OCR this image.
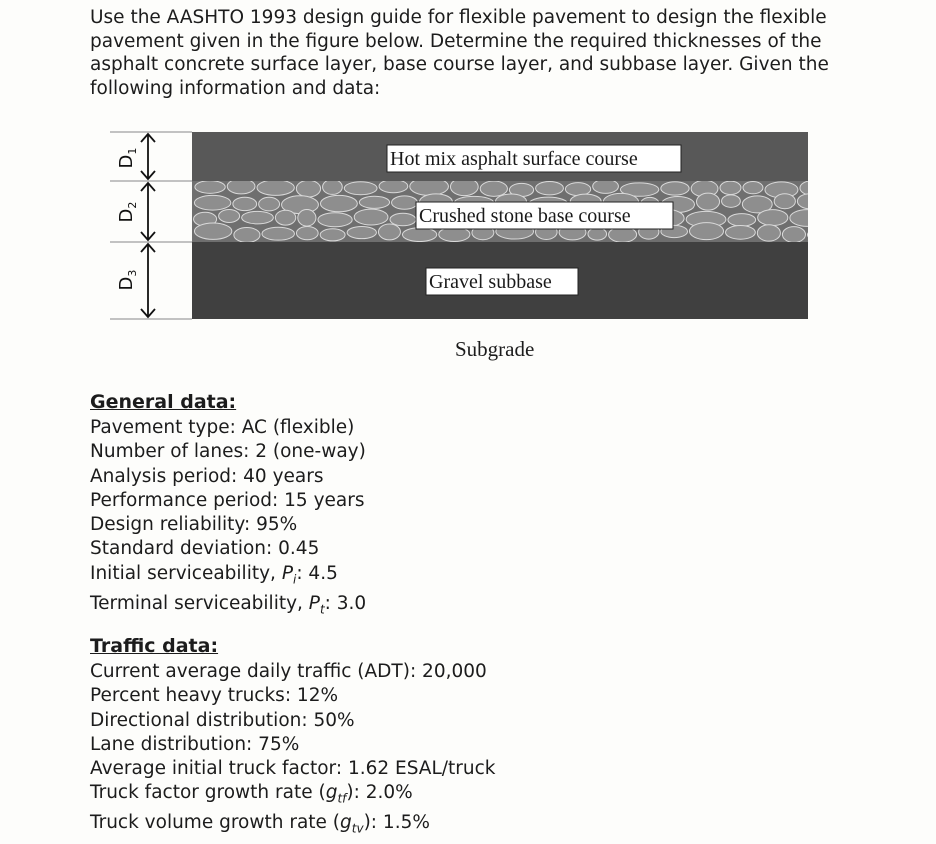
Use the AASHTO 1993 design guide for flexible pavement to design the flexible pavement given in the figure below. Determine the required thicknesses of the asphalt concrete surface layer, base course layer, and subbase layer. Given the following information and data:

Hot mix asphalt surface course
Crushed stone base course
Gravel subbase
$D_1$
$D_2$
$D_3$
Subgrade
General data:
Pavement type: AC (flexible)
Number of lanes: 2 (one-way)
Analysis period: 40 years
Performance period: 15 years
Design reliability: 95%
Standard deviation: 0.45
Initial serviceability, $P_i$: 4.5
Terminal serviceability, $P_t$: 3.0
Traffic data:
Current average daily traffic (ADT): 20,000
Percent heavy trucks: 12%
Directional distribution: 50%
Lane distribution: 75%
Average initial truck factor: 1.62 ESAL/truck
Truck factor growth rate $(g_{tf})$: 2.0%
Truck volume growth rate $(g_{tv})$: 1.5%
